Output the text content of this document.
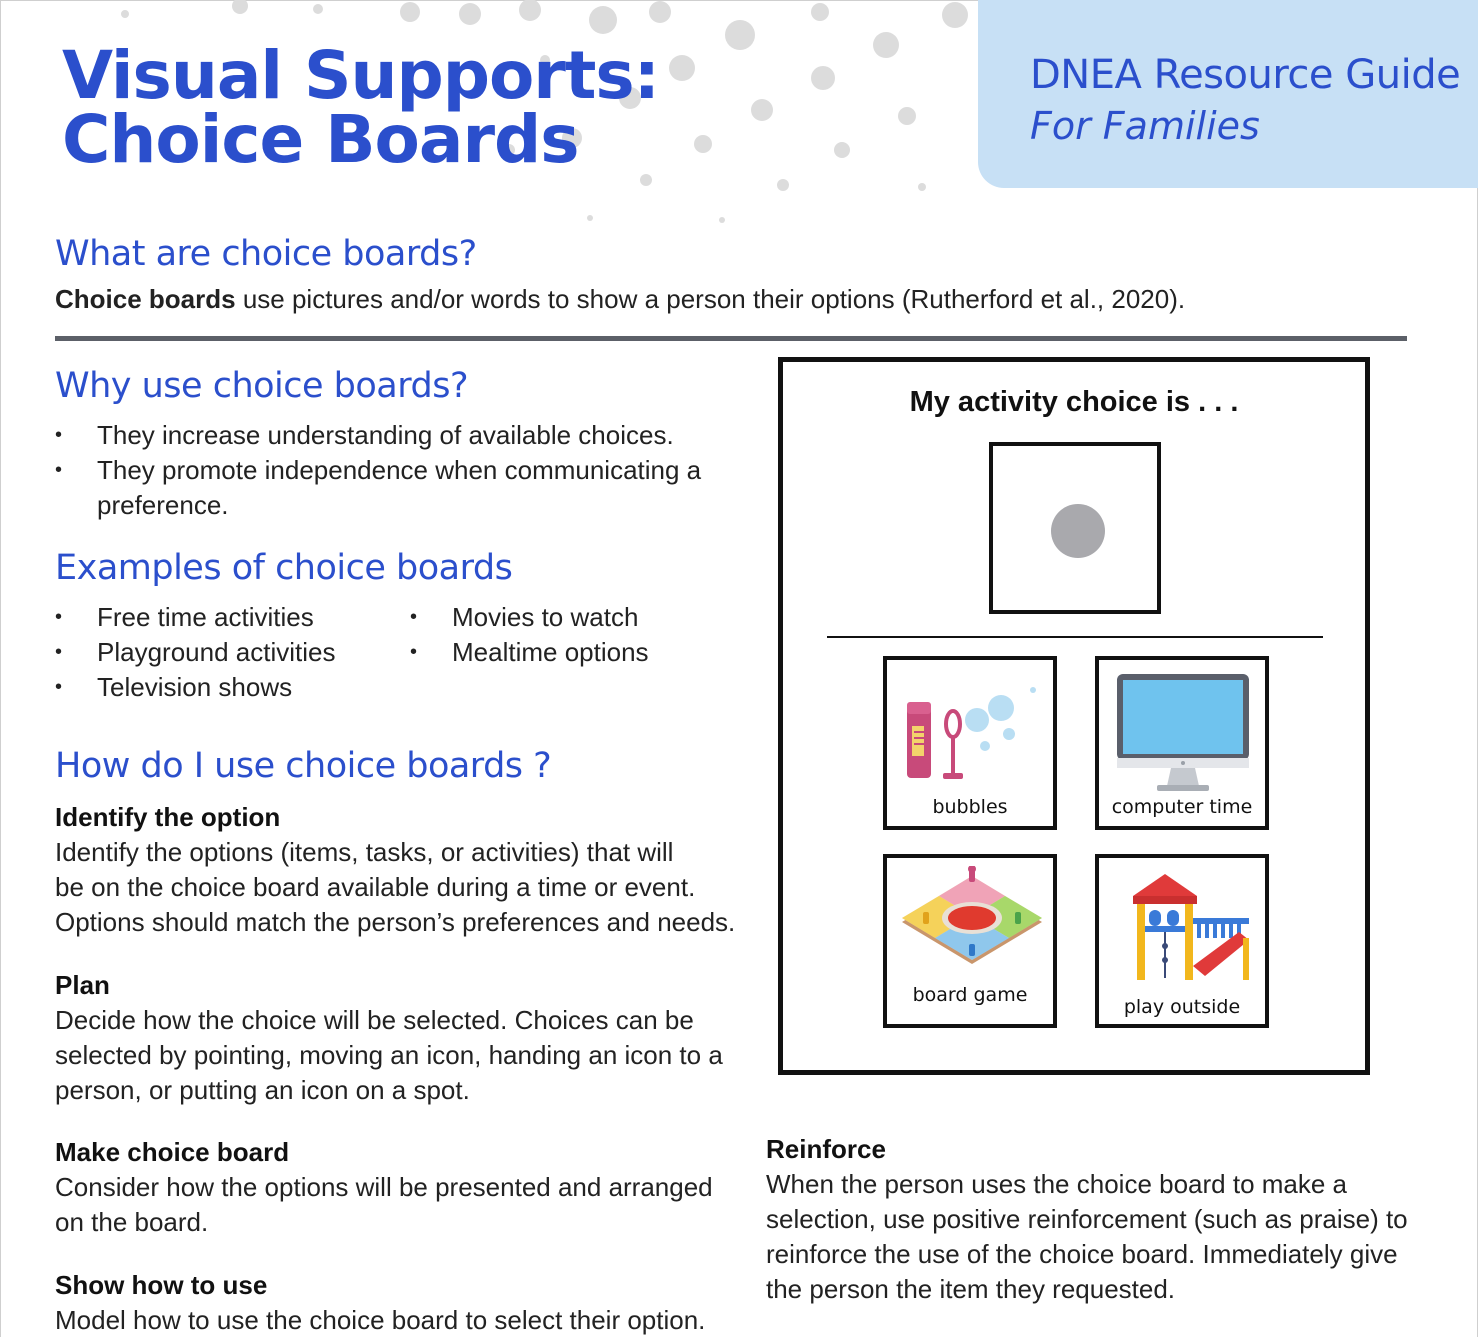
Visual Supports:
Choice Boards
DNEA Resource Guide
For Families
What are choice boards?

Choice boards use pictures and/or words to show a person their options (Rutherford et al., 2020).

Why use choice boards?
• They increase understanding of available choices.
• They promote independence when communicating a preference.
Examples of choice boards
• Free time activities
• Playground activities
• Television shows
• Movies to watch
• Mealtime options
How do I use choice boards ?
Identify the option
Identify the options (items, tasks, or activities) that will
be on the choice board available during a time or event.
Options should match the person’s preferences and needs.
Plan
Decide how the choice will be selected. Choices can be
selected by pointing, moving an icon, handing an icon to a
person, or putting an icon on a spot.
Make choice board
Consider how the options will be presented and arranged
on the board.
Show how to use
Model how to use the choice board to select their option.
Reinforce
When the person uses the choice board to make a
selection, use positive reinforcement (such as praise) to
reinforce the use of the choice board. Immediately give
the person the item they requested.
My activity choice is . . .
bubbles	computer time
board game
play outside
